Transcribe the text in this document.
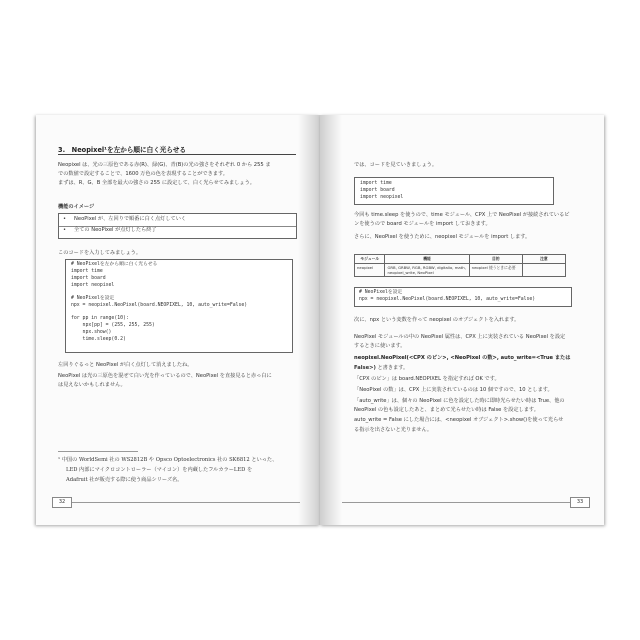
3.　Neopixel¹を左から順に白く光らせる
Neopixel は、光の三原色である赤(R)、緑(G)、青(B)の光の強さをそれぞれ 0 から 255 ま
での数値で設定することで、1600 万色の色を表現することができます。
まずは、R、G、B 全部を最大の強さの 255 に設定して、白く光らせてみましょう。
機能のイメージ
• NeoPixel が、左回りで順番に白く点灯していく
• 全ての NeoPixel が点灯したら終了
このコードを入力してみましょう。
# NeoPixelを左から順に白く光らせる
import time
import board
import neopixel
# NeoPixelを設定
npx = neopixel.NeoPixel(board.NEOPIXEL, 10, auto_write=False)
for pp in range(10):
npx[pp] = (255, 255, 255)
npx.show()
time.sleep(0.2)
左回りぐるっと NeoPixel が白く点灯して消えましたね。
NeoPixel は光の三原色を混ぜて白い光を作っているので、NeoPixel を直接見ると赤っ白に
は見えないかもしれません。
¹ 中国の WorldSemi 社の WS2812B や Opsco Optoelectronics 社の SK6812 といった、
LED 内部にマイクロコントローラー（マイコン）を内蔵したフルカラーLED を
Adafruit 社が販売する際に使う商品シリーズ名。
32
では、コードを見ていきましょう。
import time
import board
import neopixel
今回も time.sleep を使うので、time モジュール、CPX 上で NeoPixel が接続されているピ
ンを使うので board モジュールを import しておきます。
さらに、NeoPixel を使うために、neopixel モジュールを import します。
モジュール	機能	目的	注意
neopixel	GRB, GRBW, RGB, RGBW, digitalio, math, neopixel_write, NeoPixel	neopixel 使うときに必要	
# NeoPixelを設定
npx = neopixel.NeoPixel(board.NEOPIXEL, 10, auto_write=False)
次に、npx という変数を作って neopixel のオブジェクトを入れます。
NeoPixel モジュールの中の NeoPixel 属性は、CPX 上に実装されている NeoPixel を設定
するときに使います。
neopixel.NeoPixel(<CPX のピン>, <NeoPixel の数>, auto_write=<True または
False>) と書きます。
「CPX のピン」は board.NEOPIXEL を指定すれば OK です。
「NeoPixel の数」は、CPX 上に実装されているのは 10 個ですので、10 とします。
「auto_write」は、個々の NeoPixel に色を設定した時に即時光らせたい時は True、他の
NeoPixel の色も設定したあと、まとめて光らせたい時は False を設定します。
auto_write = False にした場合には、<neopixel オブジェクト>.show()を使って光らせ
る指示を出さないと光りません。
33
